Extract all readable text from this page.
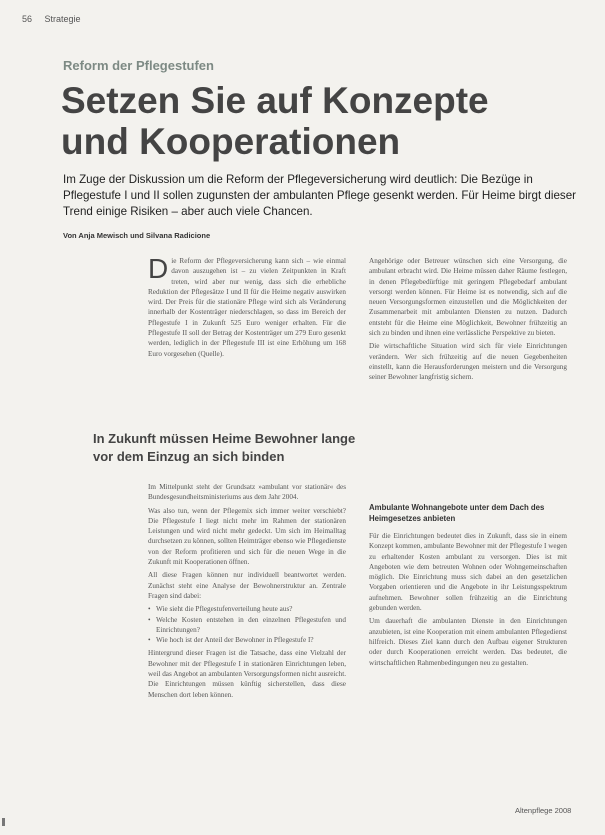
56 Strategie
Reform der Pflegestufen
Setzen Sie auf Konzepte
und Kooperationen

Im Zuge der Diskussion um die Reform der Pflegeversicherung wird deutlich: Die Bezüge in Pflegestufe I und II sollen zugunsten der ambulanten Pflege gesenkt werden. Für Heime birgt dieser Trend einige Risiken – aber auch viele Chancen.

Von Anja Mewisch und Silvana Radicione

Die Reform der Pflegeversicherung kann sich – wie einmal davon auszugehen ist – zu vielen Zeitpunkten in Kraft treten, wird aber nur wenig, dass sich die erhebliche Reduktion der Pflegesätze I und II für die Heime negativ auswirken wird. Der Preis für die stationäre Pflege wird sich als Veränderung innerhalb der Kostenträger niederschlagen, so dass im Bereich der Pflegestufe I in Zukunft 525 Euro weniger erhalten. Für die Pflegestufe II soll der Betrag der Kostenträger um 279 Euro gesenkt werden, lediglich in der Pflegestufe III ist eine Erhöhung um 168 Euro vorgesehen (Quelle).

In Zukunft müssen Heime Bewohner lange vor dem Einzug an sich binden

Im Mittelpunkt steht der Grundsatz »ambulant vor stationär« des Bundesgesundheitsministeriums aus dem Jahr 2004.

Was also tun, wenn der Pflegemix sich immer weiter verschiebt? Die Pflegestufe I liegt nicht mehr im Rahmen der stationären Leistungen und wird nicht mehr gedeckt. Um sich im Heimalltag durchsetzen zu können, sollten Heimträger ebenso wie Pflegedienste von der Reform profitieren und sich für die neuen Wege in die Zukunft mit Kooperationen öffnen.

All diese Fragen können nur individuell beantwortet werden. Zunächst steht eine Analyse der Bewohnerstruktur an. Zentrale Fragen sind dabei:

• Wie sieht die Pflegestufenverteilung heute aus?
• Welche Kosten entstehen in den einzelnen Pflegestufen und Einrichtungen?
• Wie hoch ist der Anteil der Bewohner in Pflegestufe I?

Hintergrund dieser Fragen ist die Tatsache, dass eine Vielzahl der Bewohner mit der Pflegestufe I in stationären Einrichtungen leben, weil das Angebot an ambulanten Versorgungsformen nicht ausreicht. Die Einrichtungen müssen künftig sicherstellen, dass diese Menschen dort leben können.

Angehörige oder Betreuer wünschen sich eine Versorgung, die ambulant erbracht wird. Die Heime müssen daher Räume festlegen, in denen Pflegebedürftige mit geringem Pflegebedarf ambulant versorgt werden können. Für Heime ist es notwendig, sich auf die neuen Versorgungsformen einzustellen und die Möglichkeiten der Zusammenarbeit mit ambulanten Diensten zu nutzen. Dadurch entsteht für die Heime eine Möglichkeit, Bewohner frühzeitig an sich zu binden und ihnen eine verlässliche Perspektive zu bieten.

Die wirtschaftliche Situation wird sich für viele Einrichtungen verändern. Wer sich frühzeitig auf die neuen Gegebenheiten einstellt, kann die Herausforderungen meistern und die Versorgung seiner Bewohner langfristig sichern.

Ambulante Wohnangebote unter dem Dach des Heimgesetzes anbieten

Für die Einrichtungen bedeutet dies in Zukunft, dass sie in einem Konzept kommen, ambulante Bewohner mit der Pflegestufe I wegen zu erhaltender Kosten ambulant zu versorgen. Dies ist mit Angeboten wie dem betreuten Wohnen oder Wohngemeinschaften möglich. Die Einrichtung muss sich dabei an den gesetzlichen Vorgaben orientieren und die Angebote in ihr Leistungsspektrum aufnehmen. Bewohner sollen frühzeitig an die Einrichtung gebunden werden.

Um dauerhaft die ambulanten Dienste in den Einrichtungen anzubieten, ist eine Kooperation mit einem ambulanten Pflegedienst hilfreich. Dieses Ziel kann durch den Aufbau eigener Strukturen oder durch Kooperationen erreicht werden. Das bedeutet, die wirtschaftlichen Rahmenbedingungen neu zu gestalten.

Altenpflege 2008
